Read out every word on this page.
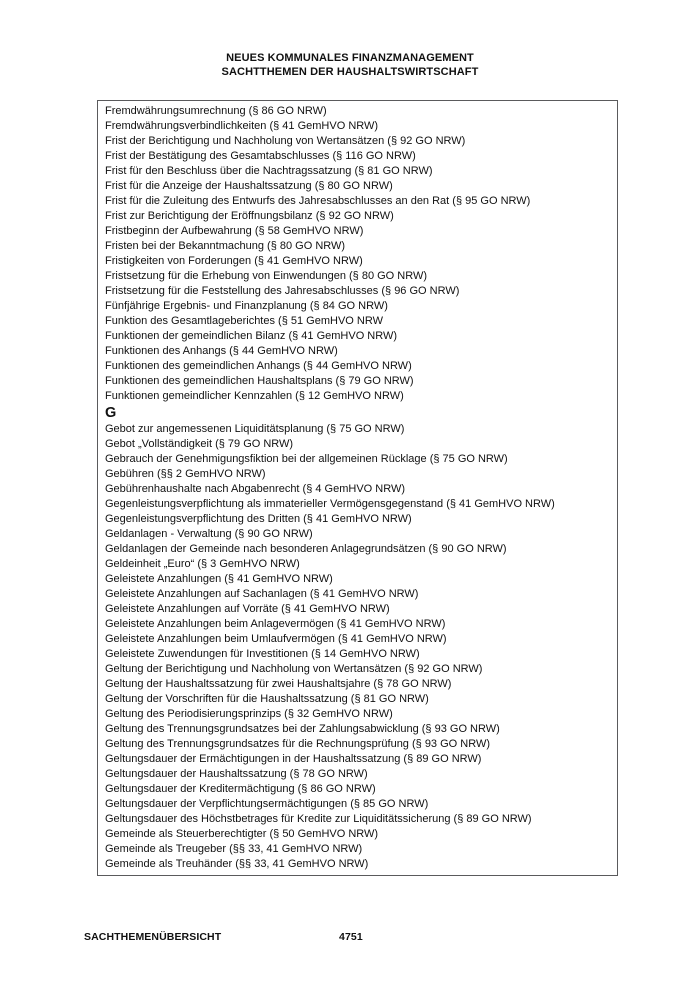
NEUES KOMMUNALES FINANZMANAGEMENT
SACHTTHEMEN DER HAUSHALTSWIRTSCHAFT
Fremdwährungsumrechnung (§ 86 GO NRW)
Fremdwährungsverbindlichkeiten (§ 41 GemHVO NRW)
Frist der Berichtigung und Nachholung von Wertansätzen (§ 92 GO NRW)
Frist der Bestätigung des Gesamtabschlusses (§ 116 GO NRW)
Frist für den Beschluss über die Nachtragssatzung (§ 81 GO NRW)
Frist für die Anzeige der Haushaltssatzung (§ 80 GO NRW)
Frist für die Zuleitung des Entwurfs des Jahresabschlusses an den Rat (§ 95 GO NRW)
Frist zur Berichtigung der Eröffnungsbilanz (§ 92 GO NRW)
Fristbeginn der Aufbewahrung (§ 58 GemHVO NRW)
Fristen bei der Bekanntmachung (§ 80 GO NRW)
Fristigkeiten von Forderungen (§ 41 GemHVO NRW)
Fristsetzung für die Erhebung von Einwendungen (§ 80 GO NRW)
Fristsetzung für die Feststellung des Jahresabschlusses (§ 96 GO NRW)
Fünfjährige Ergebnis- und Finanzplanung (§ 84 GO NRW)
Funktion des Gesamtlageberichtes (§ 51 GemHVO NRW
Funktionen der gemeindlichen Bilanz (§ 41 GemHVO NRW)
Funktionen des Anhangs (§ 44 GemHVO NRW)
Funktionen des gemeindlichen Anhangs (§ 44 GemHVO NRW)
Funktionen des gemeindlichen Haushaltsplans (§ 79 GO NRW)
Funktionen gemeindlicher Kennzahlen (§ 12 GemHVO NRW)
G
Gebot zur angemessenen Liquiditätsplanung (§ 75 GO NRW)
Gebot „Vollständigkeit (§ 79 GO NRW)
Gebrauch der Genehmigungsfiktion bei der allgemeinen Rücklage (§ 75 GO NRW)
Gebühren (§§ 2 GemHVO NRW)
Gebührenhaushalte nach Abgabenrecht (§ 4 GemHVO NRW)
Gegenleistungsverpflichtung als immaterieller Vermögensgegenstand (§ 41 GemHVO NRW)
Gegenleistungsverpflichtung des Dritten (§ 41 GemHVO NRW)
Geldanlagen - Verwaltung (§ 90 GO NRW)
Geldanlagen der Gemeinde nach besonderen Anlagegrundsätzen (§ 90 GO NRW)
Geldeinheit „Euro“ (§ 3 GemHVO NRW)
Geleistete Anzahlungen (§ 41 GemHVO NRW)
Geleistete Anzahlungen auf Sachanlagen (§ 41 GemHVO NRW)
Geleistete Anzahlungen auf Vorräte (§ 41 GemHVO NRW)
Geleistete Anzahlungen beim Anlagevermögen (§ 41 GemHVO NRW)
Geleistete Anzahlungen beim Umlaufvermögen (§ 41 GemHVO NRW)
Geleistete Zuwendungen für Investitionen (§ 14 GemHVO NRW)
Geltung der Berichtigung und Nachholung von Wertansätzen (§ 92 GO NRW)
Geltung der Haushaltssatzung für zwei Haushaltsjahre (§ 78 GO NRW)
Geltung der Vorschriften für die Haushaltssatzung (§ 81 GO NRW)
Geltung des Periodisierungsprinzips (§ 32 GemHVO NRW)
Geltung des Trennungsgrundsatzes bei der Zahlungsabwicklung (§ 93 GO NRW)
Geltung des Trennungsgrundsatzes für die Rechnungsprüfung (§ 93 GO NRW)
Geltungsdauer der Ermächtigungen in der Haushaltssatzung (§ 89 GO NRW)
Geltungsdauer der Haushaltssatzung (§ 78 GO NRW)
Geltungsdauer der Kreditermächtigung (§ 86 GO NRW)
Geltungsdauer der Verpflichtungsermächtigungen (§ 85 GO NRW)
Geltungsdauer des Höchstbetrages für Kredite zur Liquiditätssicherung (§ 89 GO NRW)
Gemeinde als Steuerberechtigter (§ 50 GemHVO NRW)
Gemeinde als Treugeber (§§ 33, 41 GemHVO NRW)
Gemeinde als Treuhänder (§§ 33, 41 GemHVO NRW)
SACHTHEMENÜBERSICHT	4751
